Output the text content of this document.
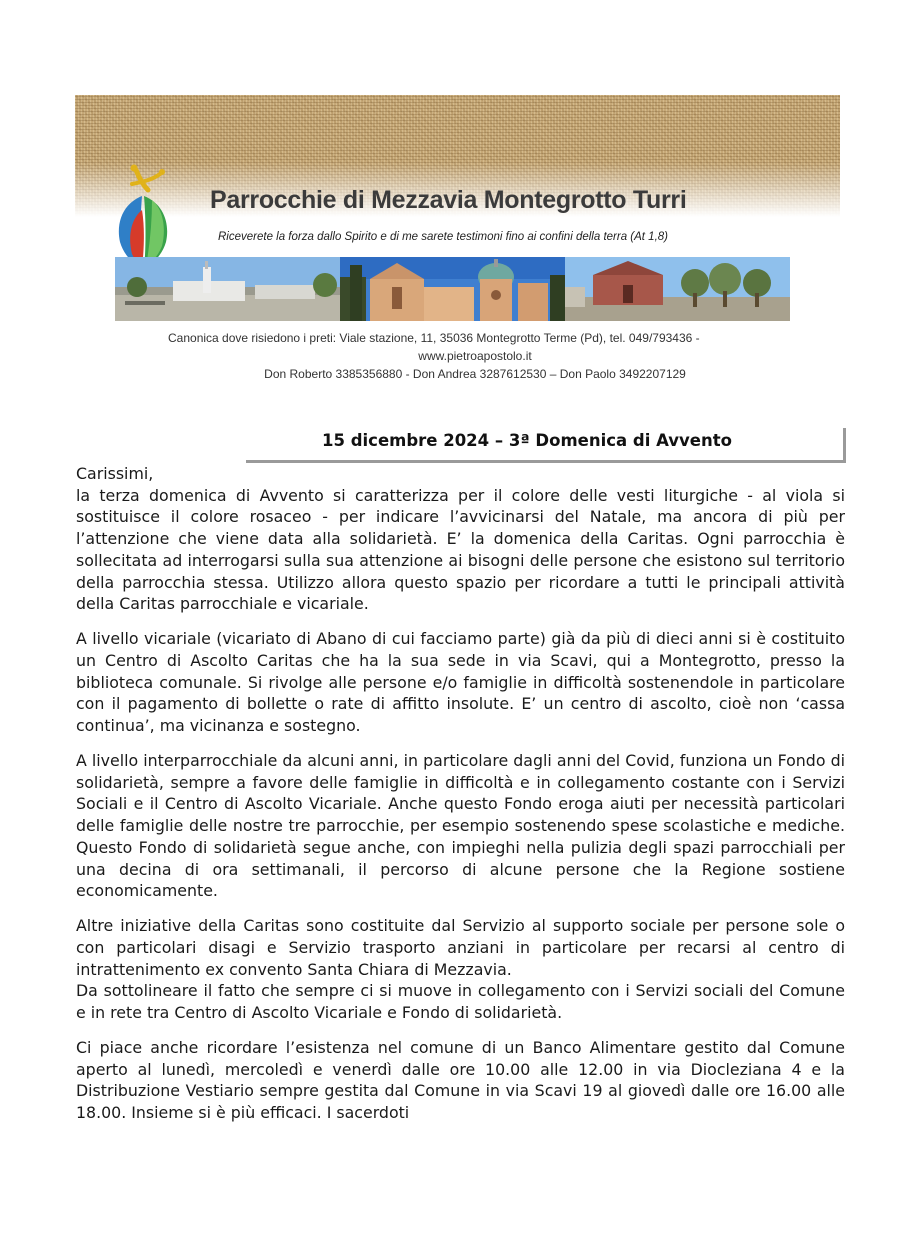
Parrocchie di Mezzavia Montegrotto Turri
Riceverete la forza dallo Spirito e di me sarete testimoni fino ai confini della terra (At 1,8)
Canonica dove risiedono i preti: Viale stazione, 11, 35036 Montegrotto Terme (Pd), tel. 049/793436 -
www.pietroapostolo.it
Don Roberto 3385356880 - Don Andrea 3287612530 – Don Paolo 3492207129
15 dicembre 2024 – 3ª Domenica di Avvento

Carissimi,
la terza domenica di Avvento si caratterizza per il colore delle vesti liturgiche - al viola si sostituisce il colore rosaceo - per indicare l’avvicinarsi del Natale, ma ancora di più per l’attenzione che viene data alla solidarietà. E’ la domenica della Caritas. Ogni parrocchia è sollecitata ad interrogarsi sulla sua attenzione ai bisogni delle persone che esistono sul territorio della parrocchia stessa. Utilizzo allora questo spazio per ricordare a tutti le principali attività della Caritas parrocchiale e vicariale.

A livello vicariale (vicariato di Abano di cui facciamo parte) già da più di dieci anni si è costituito un Centro di Ascolto Caritas che ha la sua sede in via Scavi, qui a Montegrotto, presso la biblioteca comunale. Si rivolge alle persone e/o famiglie in difficoltà sostenendole in particolare con il pagamento di bollette o rate di affitto insolute. E’ un centro di ascolto, cioè non ‘cassa continua’, ma vicinanza e sostegno.

A livello interparrocchiale da alcuni anni, in particolare dagli anni del Covid, funziona un Fondo di solidarietà, sempre a favore delle famiglie in difficoltà e in collegamento costante con i Servizi Sociali e il Centro di Ascolto Vicariale. Anche questo Fondo eroga aiuti per necessità particolari delle famiglie delle nostre tre parrocchie, per esempio sostenendo spese scolastiche e mediche. Questo Fondo di solidarietà segue anche, con impieghi nella pulizia degli spazi parrocchiali per una decina di ora settimanali, il percorso di alcune persone che la Regione sostiene economicamente.

Altre iniziative della Caritas sono costituite dal Servizio al supporto sociale per persone sole o con particolari disagi e Servizio trasporto anziani in particolare per recarsi al centro di intrattenimento ex convento Santa Chiara di Mezzavia.

Da sottolineare il fatto che sempre ci si muove in collegamento con i Servizi sociali del Comune e in rete tra Centro di Ascolto Vicariale e Fondo di solidarietà.

Ci piace anche ricordare l’esistenza nel comune di un Banco Alimentare gestito dal Comune aperto al lunedì, mercoledì e venerdì dalle ore 10.00 alle 12.00 in via Diocleziana 4 e la Distribuzione Vestiario sempre gestita dal Comune in via Scavi 19 al giovedì dalle ore 16.00 alle 18.00. Insieme si è più efficaci. I sacerdoti
